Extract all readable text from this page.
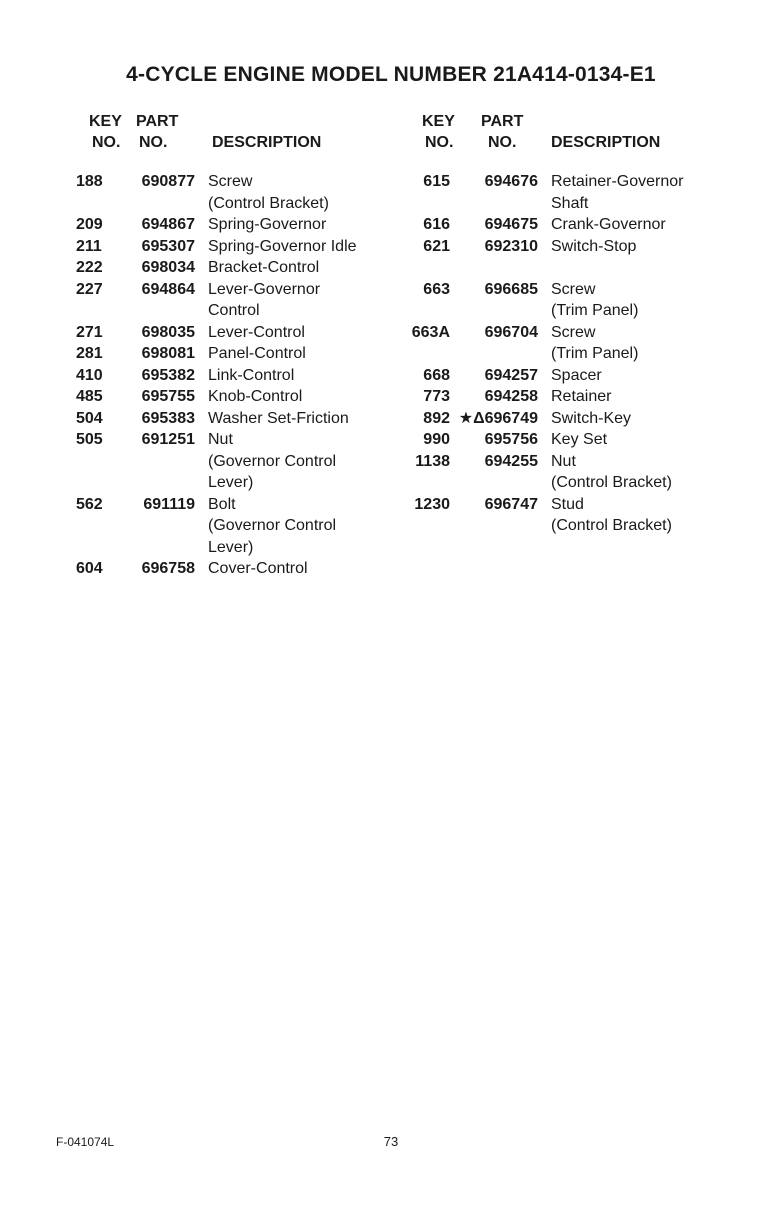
4-CYCLE ENGINE MODEL NUMBER 21A414-0134-E1
KEY
NO.
PART
NO.	DESCRIPTION
188 690877 Screw
(Control Bracket)
209 694867 Spring-Governor
211 695307 Spring-Governor Idle
222 698034 Bracket-Control
227 694864 Lever-Governor
Control
271 698035 Lever-Control
281 698081 Panel-Control
410 695382 Link-Control
485 695755 Knob-Control
504 695383 Washer Set-Friction
505 691251 Nut
(Governor Control
Lever)
562	691119 Bolt
(Governor Control
Lever)
604 696758 Cover-Control
KEY
NO.
PART
NO. DESCRIPTION
615 694676 Retainer-Governor
Shaft
616 694675 Crank-Governor
621 692310 Switch-Stop
663 696685 Screw
(Trim Panel)
663A 696704 Screw
(Trim Panel)
668 694257 Spacer
773 694258 Retainer
892 ★Δ696749 Switch-Key
990 695756 Key Set
1138 694255 Nut
(Control Bracket)
1230 696747 Stud
(Control Bracket)
F-041074L	73
